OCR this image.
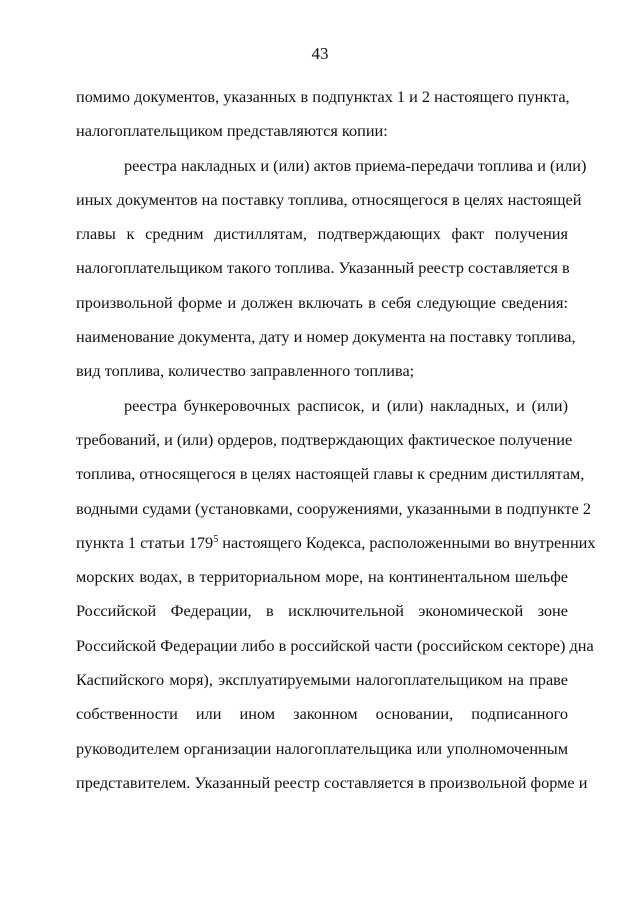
43

помимо документов, указанных в подпунктах 1 и 2 настоящего пункта,
налогоплательщиком представляются копии:

реестра накладных и (или) актов приема-передачи топлива и (или)
иных документов на поставку топлива, относящегося в целях настоящей
главы к средним дистиллятам, подтверждающих факт получения
налогоплательщиком такого топлива. Указанный реестр составляется в
произвольной форме и должен включать в себя следующие сведения:
наименование документа, дату и номер документа на поставку топлива,
вид топлива, количество заправленного топлива;

реестра бункеровочных расписок, и (или) накладных, и (или)
требований, и (или) ордеров, подтверждающих фактическое получение
топлива, относящегося в целях настоящей главы к средним дистиллятам,
водными судами (установками, сооружениями, указанными в подпункте 2
пункта 1 статьи $179^5$ настоящего Кодекса, расположенными во внутренних
морских водах, в территориальном море, на континентальном шельфе
Российской Федерации, в исключительной экономической зоне
Российской Федерации либо в российской части (российском секторе) дна
Каспийского моря), эксплуатируемыми налогоплательщиком на праве
собственности или ином законном основании, подписанного
руководителем организации налогоплательщика или уполномоченным
представителем. Указанный реестр составляется в произвольной форме и
